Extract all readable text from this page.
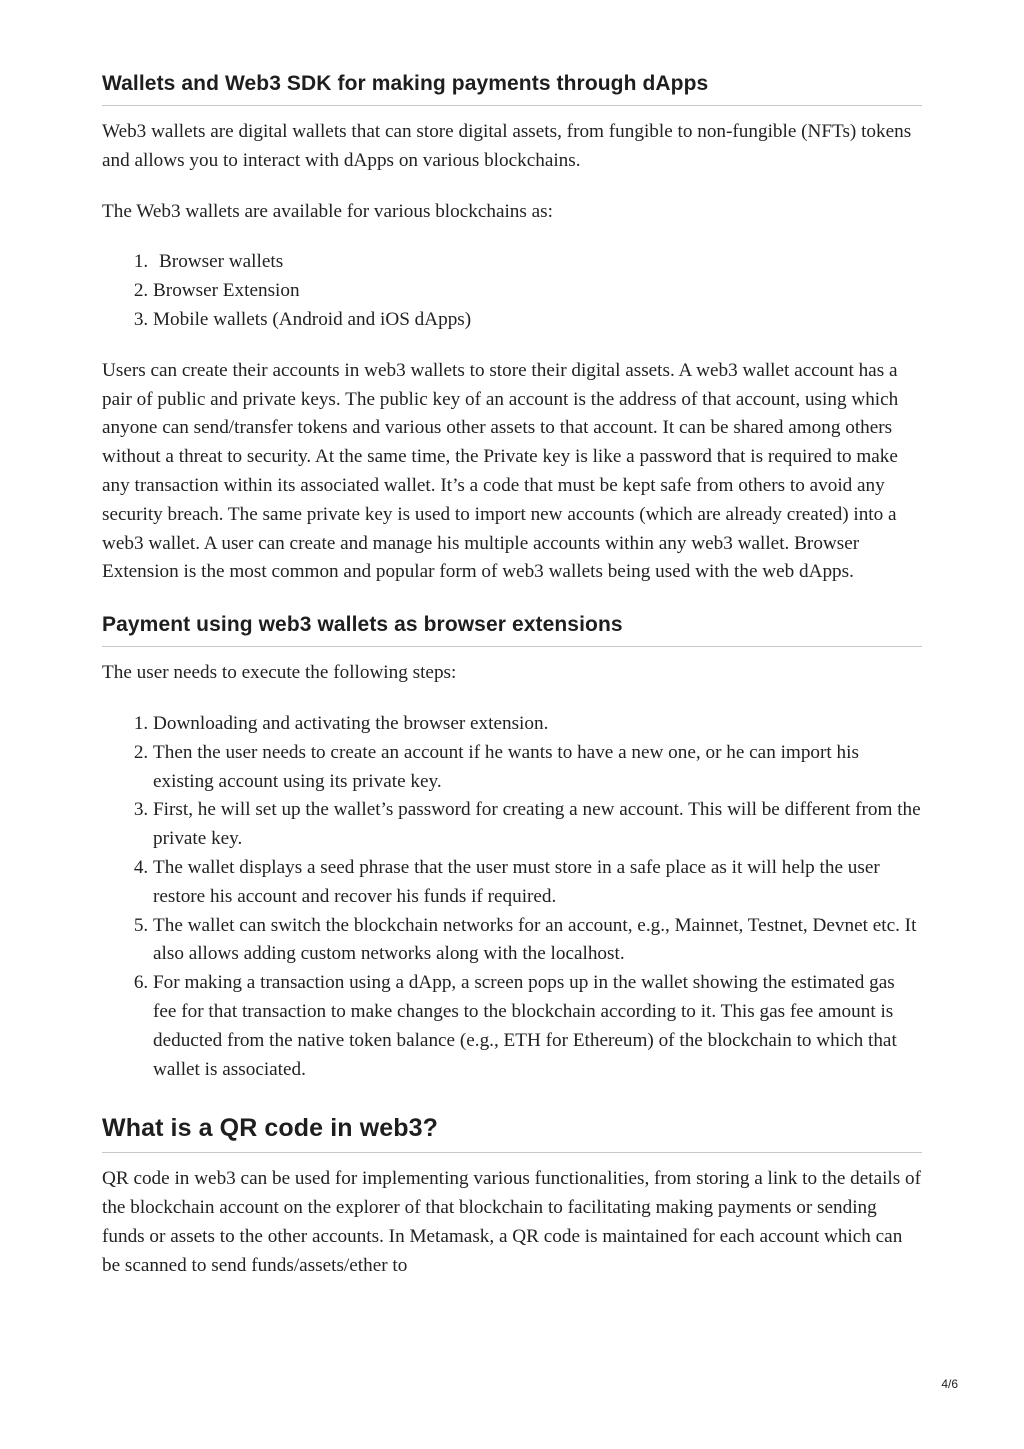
Wallets and Web3 SDK for making payments through dApps

Web3 wallets are digital wallets that can store digital assets, from fungible to non-fungible (NFTs) tokens and allows you to interact with dApps on various blockchains.

The Web3 wallets are available for various blockchains as:

1. Browser wallets
2. Browser Extension
3. Mobile wallets (Android and iOS dApps)

Users can create their accounts in web3 wallets to store their digital assets. A web3 wallet account has a pair of public and private keys. The public key of an account is the address of that account, using which anyone can send/transfer tokens and various other assets to that account. It can be shared among others without a threat to security. At the same time, the Private key is like a password that is required to make any transaction within its associated wallet. It’s a code that must be kept safe from others to avoid any security breach. The same private key is used to import new accounts (which are already created) into a web3 wallet. A user can create and manage his multiple accounts within any web3 wallet. Browser Extension is the most common and popular form of web3 wallets being used with the web dApps.

Payment using web3 wallets as browser extensions

The user needs to execute the following steps:

1. Downloading and activating the browser extension.
2. Then the user needs to create an account if he wants to have a new one, or he can import his existing account using its private key.
3. First, he will set up the wallet’s password for creating a new account. This will be different from the private key.
4. The wallet displays a seed phrase that the user must store in a safe place as it will help the user restore his account and recover his funds if required.
5. The wallet can switch the blockchain networks for an account, e.g., Mainnet, Testnet, Devnet etc. It also allows adding custom networks along with the localhost.
6. For making a transaction using a dApp, a screen pops up in the wallet showing the estimated gas fee for that transaction to make changes to the blockchain according to it. This gas fee amount is deducted from the native token balance (e.g., ETH for Ethereum) of the blockchain to which that wallet is associated.
What is a QR code in web3?

QR code in web3 can be used for implementing various functionalities, from storing a link to the details of the blockchain account on the explorer of that blockchain to facilitating making payments or sending funds or assets to the other accounts. In Metamask, a QR code is maintained for each account which can be scanned to send funds/assets/ether to

4/6
